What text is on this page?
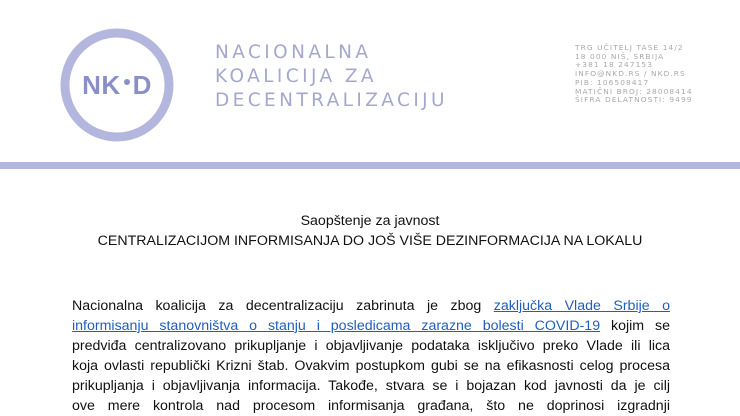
NK D
NACIONALNA
KOALICIJA ZA
DECENTRALIZACIJU
TRG UČITELJ TASE 14/2
18 000 NIŠ, SRBIJA
+381 18 247153
INFO@NKD.RS / NKD.RS
PIB: 106508417
MATIČNI BROJ: 28008414
ŠIFRA DELATNOSTI: 9499
Saopštenje za javnost
CENTRALIZACIJOM INFORMISANJA DO JOŠ VIŠE DEZINFORMACIJA NA LOKALU
Nacionalna koalicija za decentralizaciju zabrinuta je zbog zaključka Vlade Srbije o
informisanju stanovništva o stanju i posledicama zarazne bolesti COVID-19 kojim se
predviđa centralizovano prikupljanje i objavljivanje podataka isključivo preko Vlade ili lica
koja ovlasti republički Krizni štab. Ovakvim postupkom gubi se na efikasnosti celog procesa
prikupljanja i objavljivanja informacija. Takođe, stvara se i bojazan kod javnosti da je cilj
ove mere kontrola nad procesom informisanja građana, što ne doprinosi izgradnji
